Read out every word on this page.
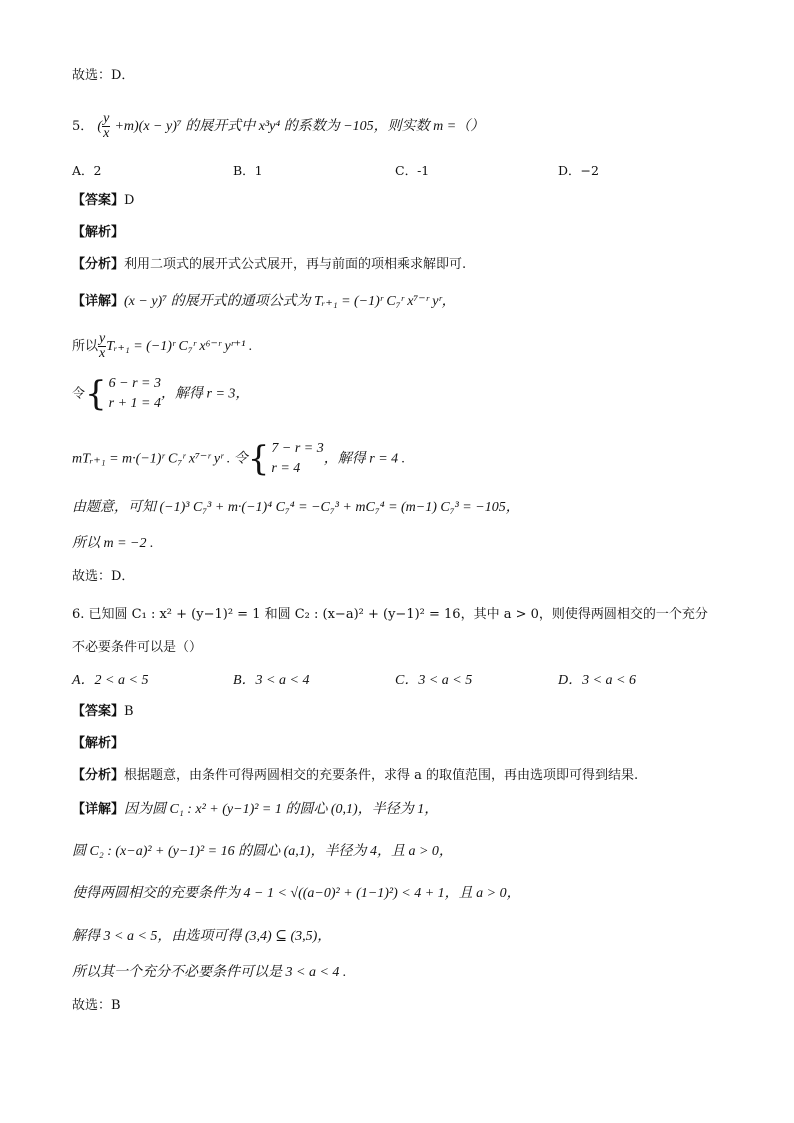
故选：D．
5． ( $\frac{y}{x} +m)(x - y)^7$ 的展开式中 x³y⁴ 的系数为 −105，则实数 m =（）
A．2	B．1	C．-1	D．−2
【答案】D
【解析】
【分析】利用二项式的展开式公式展开，再与前面的项相乘求解即可.
【详解】(x − y)⁷ 的展开式的通项公式为 Tᵣ₊₁ = (−1)ʳ C₇ʳ x⁷⁻ʳ yʳ，
所以 $\frac{y}{x}$ Tᵣ₊₁ = (−1)ʳ C₇ʳ x⁶⁻ʳ yʳ⁺¹ .
令 { 6 − r = 3
r + 1 = 4
，解得 r = 3，
mTᵣ₊₁ = m·(−1)ʳ C₇ʳ x⁷⁻ʳ yʳ . 令 { 7 − r = 3
r = 4
，解得 r = 4 .
由题意，可知 (−1)³ C₇³ + m·(−1)⁴ C₇⁴ = −C₇³ + mC₇⁴ = (m−1) C₇³ = −105，
所以 m = −2 .
故选：D．
6. 已知圆 C₁ : x² + (y−1)² = 1 和圆 C₂ : (x−a)² + (y−1)² = 16，其中 a > 0，则使得两圆相交的一个充分
不必要条件可以是（）
A．2 < a < 5	B．3 < a < 4	C．3 < a < 5	D．3 < a < 6
【答案】B
【解析】
【分析】根据题意，由条件可得两圆相交的充要条件，求得 a 的取值范围，再由选项即可得到结果.
【详解】因为圆 C₁ : x² + (y−1)² = 1 的圆心 (0,1)，半径为 1，
圆 C₂ : (x−a)² + (y−1)² = 16 的圆心 (a,1)，半径为 4，且 a > 0，
使得两圆相交的充要条件为 4 − 1 < √((a−0)² + (1−1)²) < 4 + 1，且 a > 0，
解得 3 < a < 5，由选项可得 (3,4) ⊆ (3,5)，
所以其一个充分不必要条件可以是 3 < a < 4 .
故选：B
